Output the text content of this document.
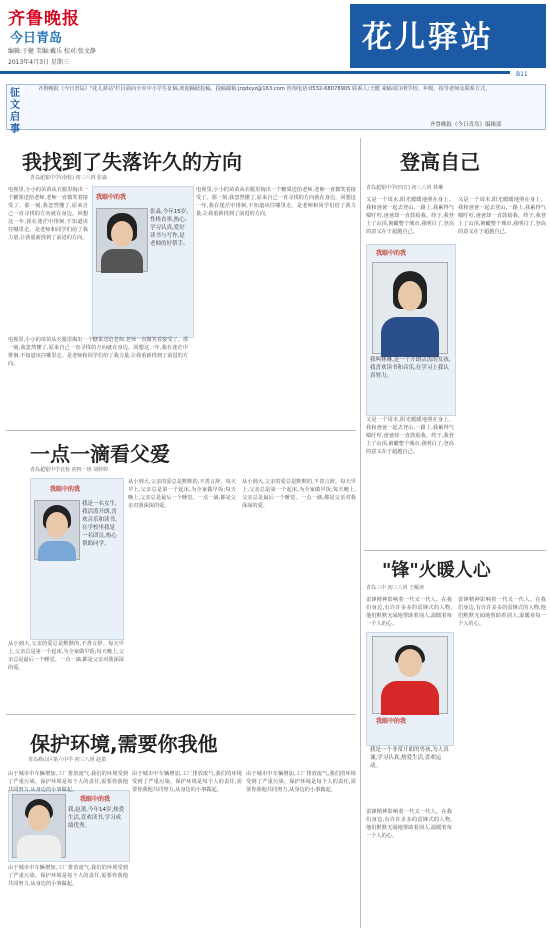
齐鲁晚报
今日青岛
编辑:于健 美编:戴乐 校对:张文静
2013年4月3日 星期三
花儿驿站
B11
征文启事
齐鲁晚报《今日青岛》"花儿驿站"栏目面向全市中小学生征稿,欢迎踊跃投稿。投稿邮箱:jrqdxyz@163.com 咨询电话:0532-68078905 联系人:王健 来稿请注明学校、年级、指导老师及联系方式。
齐鲁晚报《今日青岛》编辑部
我找到了失落许久的方向
青岛超银中学(南校) 初三八班 张淼
电视里,小小的苗苗从衣服里掏出一个糖果送给老师,老师一直微笑着接受了。那一刻,我忽然懂了,原来自己一直寻找的方向就在身边。回想这一年,我在迷茫中徘徊,不知道该往哪里走。是老师和同学们给了我力量,让我重新找到了前进的方向。
我眼中的我
张淼,今年15岁,性格直率,热心,学习认真,爱好读书与写作,是老师的好帮手。
电视里,小小的苗苗从衣服里掏出一个糖果送给老师,老师一直微笑着接受了。那一刻,我忽然懂了,原来自己一直寻找的方向就在身边。回想这一年,我在迷茫中徘徊,不知道该往哪里走。是老师和同学们给了我力量,让我重新找到了前进的方向。
电视里,小小的苗苗从衣服里掏出一个糖果送给老师,老师一直微笑着接受了。那一刻,我忽然懂了,原来自己一直寻找的方向就在身边。回想这一年,我在迷茫中徘徊,不知道该往哪里走。是老师和同学们给了我力量,让我重新找到了前进的方向。
一点一滴看父爱
青岛超银中学北校 初四一班 刘婷婷
我眼中的我
我是一名女生,我活泼开朗,喜欢音乐和读书,在学校里我是一名团员,热心帮助同学。
从小到大,父亲的爱总是默默的,不善言辞。每天早上,父亲总是第一个起床,为全家做早饭;每天晚上,父亲总是最后一个睡觉。一点一滴,都是父亲对我深深的爱。
从小到大,父亲的爱总是默默的,不善言辞。每天早上,父亲总是第一个起床,为全家做早饭;每天晚上,父亲总是最后一个睡觉。一点一滴,都是父亲对我深深的爱。
从小到大,父亲的爱总是默默的,不善言辞。每天早上,父亲总是第一个起床,为全家做早饭;每天晚上,父亲总是最后一个睡觉。一点一滴,都是父亲对我深深的爱。
保护环境,需要你我他
青岛崂山区第六中学 初三八班 赵萧
我眼中的我
我,赵萧,今年14岁,热爱生活,喜欢读书,学习成绩优秀。
由于城市中车辆增加,工厂排放废气,我们的环境受到了严重污染。保护环境是每个人的责任,需要你我他共同努力,从身边的小事做起。
由于城市中车辆增加,工厂排放废气,我们的环境受到了严重污染。保护环境是每个人的责任,需要你我他共同努力,从身边的小事做起。
由于城市中车辆增加,工厂排放废气,我们的环境受到了严重污染。保护环境是每个人的责任,需要你我他共同努力,从身边的小事做起。
由于城市中车辆增加,工厂排放废气,我们的环境受到了严重污染。保护环境是每个人的责任,需要你我他共同努力,从身边的小事做起。
登高自己
青岛超银中学(四方) 初三八班 林琳
又是一个周末,阳光暖暖地照在身上。我和爸爸一起去登山,一路上,我累得气喘吁吁,爸爸却一直鼓励我。终于,我登上了山顶,俯瞰整个城市,我明白了,登高的意义在于超越自己。
我眼中的我
我叫林琳,是一个开朗活泼的女孩,我喜欢读书和音乐,在学习上我认真努力。
又是一个周末,阳光暖暖地照在身上。我和爸爸一起去登山,一路上,我累得气喘吁吁,爸爸却一直鼓励我。终于,我登上了山顶,俯瞰整个城市,我明白了,登高的意义在于超越自己。
又是一个周末,阳光暖暖地照在身上。我和爸爸一起去登山,一路上,我累得气喘吁吁,爸爸却一直鼓励我。终于,我登上了山顶,俯瞰整个城市,我明白了,登高的意义在于超越自己。
"锋"火暖人心
青岛三中 初三八班 王鲲涛
雷锋精神影响着一代又一代人。在我们身边,有许许多多的雷锋式的人物,他们默默无闻地帮助着别人,温暖着每一个人的心。
我眼中的我
我是一个非常开朗的男孩,为人真诚,学习认真,热爱生活,喜欢运动。
雷锋精神影响着一代又一代人。在我们身边,有许许多多的雷锋式的人物,他们默默无闻地帮助着别人,温暖着每一个人的心。
雷锋精神影响着一代又一代人。在我们身边,有许许多多的雷锋式的人物,他们默默无闻地帮助着别人,温暖着每一个人的心。
